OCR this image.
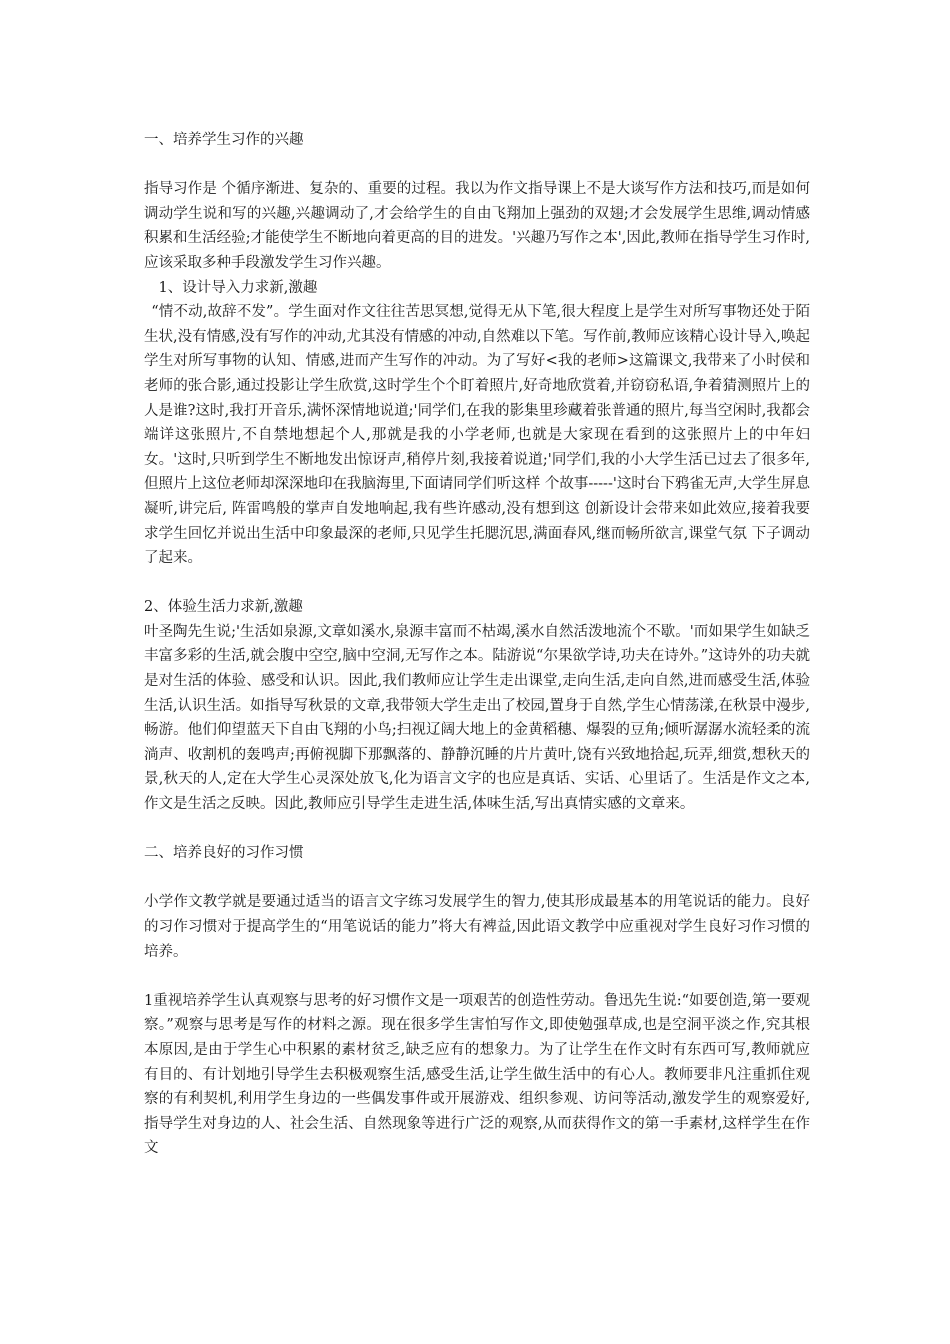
一、培养学生习作的兴趣

指导习作是 个循序渐进、复杂的、重要的过程。我以为作文指导课上不是大谈写作方法和技巧,而是如何调动学生说和写的兴趣,兴趣调动了,才会给学生的自由飞翔加上强劲的双翅;才会发展学生思维,调动情感积累和生活经验;才能使学生不断地向着更高的目的进发。'兴趣乃写作之本',因此,教师在指导学生习作时,应该采取多种手段激发学生习作兴趣。

1、设计导入力求新,激趣

“情不动,故辞不发”。学生面对作文往往苦思冥想,觉得无从下笔,很大程度上是学生对所写事物还处于陌生状,没有情感,没有写作的冲动,尤其没有情感的冲动,自然难以下笔。写作前,教师应该精心设计导入,唤起学生对所写事物的认知、情感,进而产生写作的冲动。为了写好<我的老师>这篇课文,我带来了小时侯和老师的张合影,通过投影让学生欣赏,这时学生个个盯着照片,好奇地欣赏着,并窃窃私语,争着猜测照片上的人是谁?这时,我打开音乐,满怀深情地说道;'同学们,在我的影集里珍藏着张普通的照片,每当空闲时,我都会端详这张照片,不自禁地想起个人,那就是我的小学老师,也就是大家现在看到的这张照片上的中年妇女。'这时,只听到学生不断地发出惊讶声,稍停片刻,我接着说道;'同学们,我的小大学生活已过去了很多年,但照片上这位老师却深深地印在我脑海里,下面请同学们听这样 个故事-----'这时台下鸦雀无声,大学生屏息凝听,讲完后, 阵雷鸣般的掌声自发地响起,我有些许感动,没有想到这 创新设计会带来如此效应,接着我要求学生回忆并说出生活中印象最深的老师,只见学生托腮沉思,满面春风,继而畅所欲言,课堂气氛 下子调动了起来。

2、体验生活力求新,激趣

叶圣陶先生说;'生活如泉源,文章如溪水,泉源丰富而不枯竭,溪水自然活泼地流个不歇。'而如果学生如缺乏丰富多彩的生活,就会腹中空空,脑中空洞,无写作之本。陆游说“尔果欲学诗,功夫在诗外。”这诗外的功夫就是对生活的体验、感受和认识。因此,我们教师应让学生走出课堂,走向生活,走向自然,进而感受生活,体验生活,认识生活。如指导写秋景的文章,我带领大学生走出了校园,置身于自然,学生心情荡漾,在秋景中漫步,畅游。他们仰望蓝天下自由飞翔的小鸟;扫视辽阔大地上的金黄稻穗、爆裂的豆角;倾听潺潺水流轻柔的流淌声、收割机的轰鸣声;再俯视脚下那飘落的、静静沉睡的片片黄叶,饶有兴致地拾起,玩弄,细赏,想秋天的景,秋天的人,定在大学生心灵深处放飞,化为语言文字的也应是真话、实话、心里话了。生活是作文之本,作文是生活之反映。因此,教师应引导学生走进生活,体味生活,写出真情实感的文章来。

二、培养良好的习作习惯

小学作文教学就是要通过适当的语言文字练习发展学生的智力,使其形成最基本的用笔说话的能力。良好的习作习惯对于提高学生的“用笔说话的能力”将大有裨益,因此语文教学中应重视对学生良好习作习惯的培养。

1重视培养学生认真观察与思考的好习惯作文是一项艰苦的创造性劳动。鲁迅先生说:“如要创造,第一要观察。”观察与思考是写作的材料之源。现在很多学生害怕写作文,即使勉强草成,也是空洞平淡之作,究其根本原因,是由于学生心中积累的素材贫乏,缺乏应有的想象力。为了让学生在作文时有东西可写,教师就应有目的、有计划地引导学生去积极观察生活,感受生活,让学生做生活中的有心人。教师要非凡注重抓住观察的有利契机,利用学生身边的一些偶发事件或开展游戏、组织参观、访问等活动,激发学生的观察爱好,指导学生对身边的人、社会生活、自然现象等进行广泛的观察,从而获得作文的第一手素材,这样学生在作文
